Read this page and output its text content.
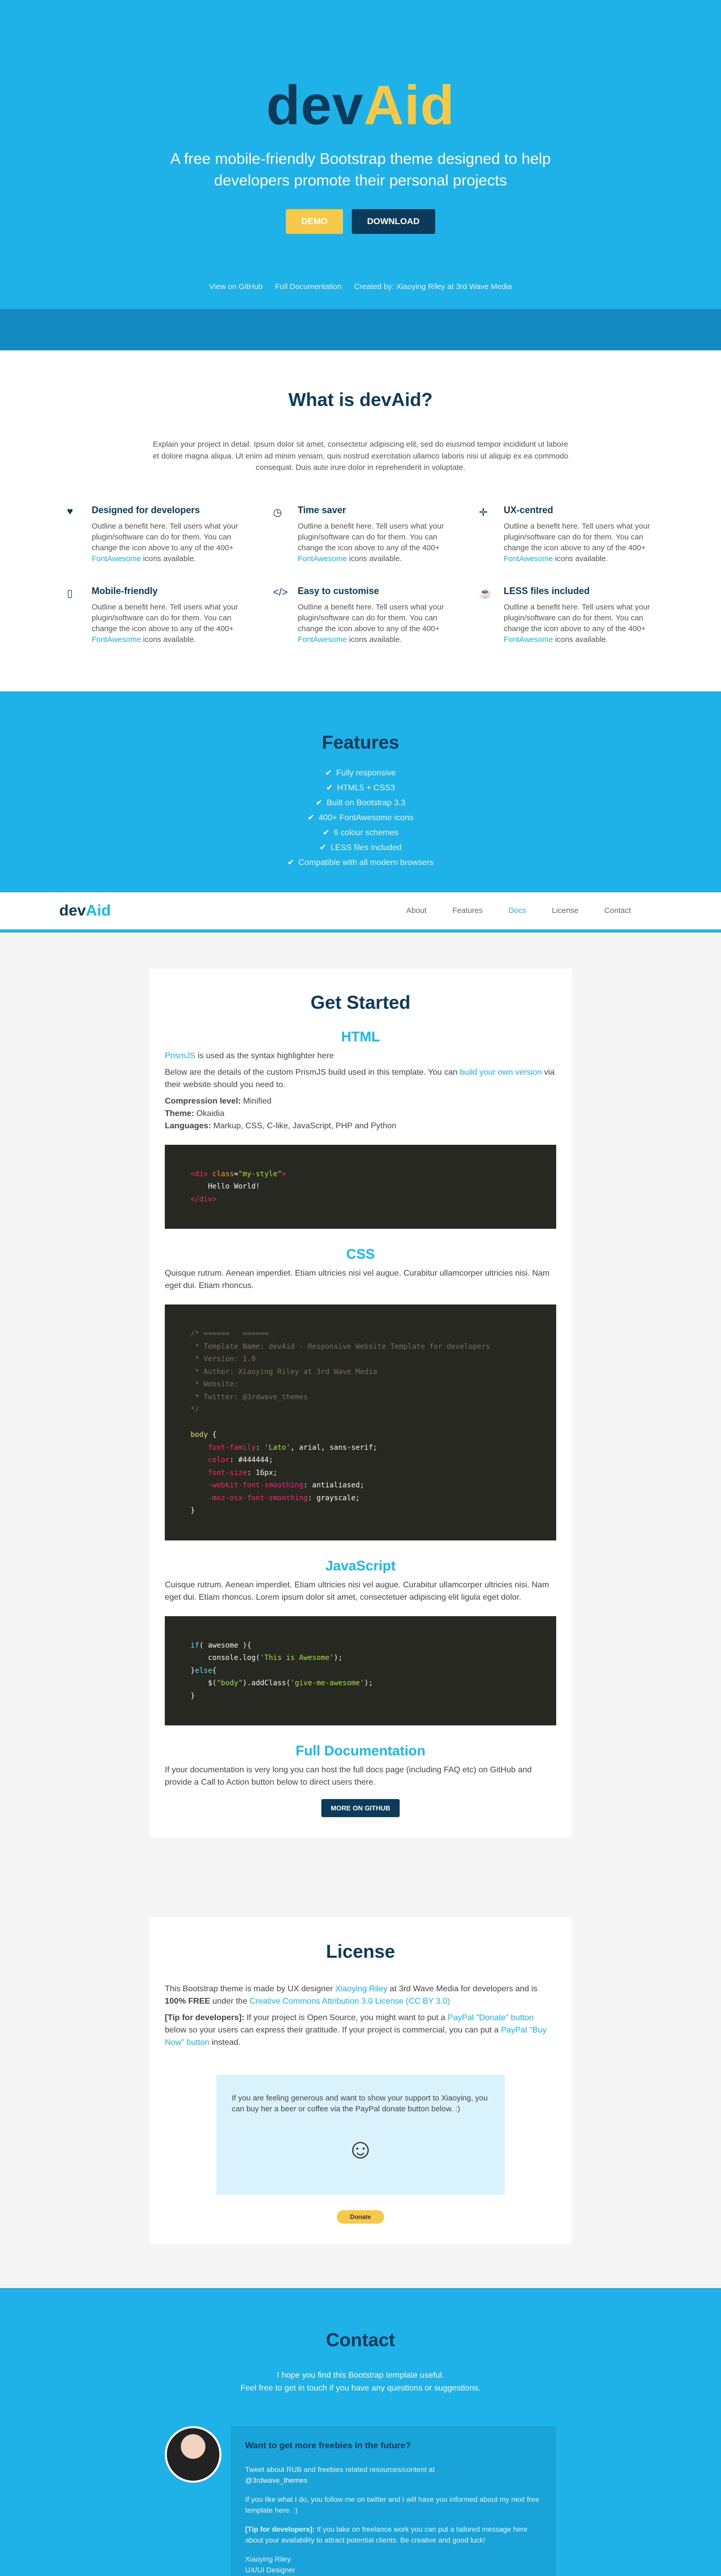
devAid

A free mobile-friendly Bootstrap theme designed to help developers promote their personal projects

DEMO	DOWNLOAD
View on GitHub Full Documentation Created by: Xiaoying Riley at 3rd Wave Media
What is devAid?

Explain your project in detail. Ipsum dolor sit amet, consectetur adipiscing elit, sed do eiusmod tempor incididunt ut labore et dolore magna aliqua. Ut enim ad minim veniam, quis nostrud exercitation ullamco laboris nisi ut aliquip ex ea commodo consequat. Duis aute irure dolor in reprehenderit in voluptate.

♥	Designed for developers

Outline a benefit here. Tell users what your plugin/software can do for them. You can change the icon above to any of the 400+ FontAwesome icons available.

◷	Time saver

Outline a benefit here. Tell users what your plugin/software can do for them. You can change the icon above to any of the 400+ FontAwesome icons available.

✛	UX-centred

Outline a benefit here. Tell users what your plugin/software can do for them. You can change the icon above to any of the 400+ FontAwesome icons available.

▯	Mobile-friendly

Outline a benefit here. Tell users what your plugin/software can do for them. You can change the icon above to any of the 400+ FontAwesome icons available.

</>	Easy to customise

Outline a benefit here. Tell users what your plugin/software can do for them. You can change the icon above to any of the 400+ FontAwesome icons available.

☕	LESS files included

Outline a benefit here. Tell users what your plugin/software can do for them. You can change the icon above to any of the 400+ FontAwesome icons available.

Features
✔ Fully responsive
✔ HTML5 + CSS3
✔ Built on Bootstrap 3.3
✔ 400+ FontAwesome icons
✔ 6 colour schemes
✔ LESS files included
✔ Compatible with all modern browsers
devAid	About	Features	Docs	License	Contact
Get Started
HTML

PrismJS is used as the syntax highlighter here

Below are the details of the custom PrismJS build used in this template. You can build your own version via their website should you need to.

Compression level: Minified
Theme: Okaidia
Languages: Markup, CSS, C-like, JavaScript, PHP and Python

<div class="my-style">
Hello World!
</div>
CSS

Quisque rutrum. Aenean imperdiet. Etiam ultricies nisi vel augue. Curabitur ullamcorper ultricies nisi. Nam eget dui. Etiam rhoncus.

/* ======   ======
* Template Name: devAid - Responsive Website Template for developers
* Version: 1.0
* Author: Xiaoying Riley at 3rd Wave Media
* Website:
* Twitter: @3rdwave_themes
*/

body {
font-family: 'Lato', arial, sans-serif;
color: #444444;
font-size: 16px;
-webkit-font-smoothing: antialiased;
-moz-osx-font-smoothing: grayscale;
}
JavaScript

Cuisque rutrum. Aenean imperdiet. Etiam ultricies nisi vel augue. Curabitur ullamcorper ultricies nisi. Nam eget dui. Etiam rhoncus. Lorem ipsum dolor sit amet, consectetuer adipiscing elit ligula eget dolor.

if( awesome ){
console.log('This is Awesome');
}else{
$("body").addClass('give-me-awesome');
}
Full Documentation

If your documentation is very long you can host the full docs page (including FAQ etc) on GitHub and provide a Call to Action button below to direct users there.

MORE ON GITHUB
License

This Bootstrap theme is made by UX designer Xiaoying Riley at 3rd Wave Media for developers and is 100% FREE under the Creative Commons Attribution 3.0 License (CC BY 3.0)

[Tip for developers]: If your project is Open Source, you might want to put a PayPal "Donate" button below so your users can express their gratitude. If your project is commercial, you can put a PayPal "Buy Now" button instead.

If you are feeling generous and want to show your support to Xiaoying, you can buy her a beer or coffee via the PayPal donate button below. :)
☺
Donate
Contact

I hope you find this Bootstrap template useful.
Feel free to get in touch if you have any questions or suggestions.

Want to get more freebies in the future?

Tweet about RUB and freebies related resources/content at
@3rdwave_themes

If you like what I do, you follow me on twitter and I will have you informed about my next free template here. :)

[Tip for developers]: If you take on freelance work you can put a tailored message here about your availability to attract potential clients. Be creative and good luck!

Xiaoying Riley
UX/UI Designer
